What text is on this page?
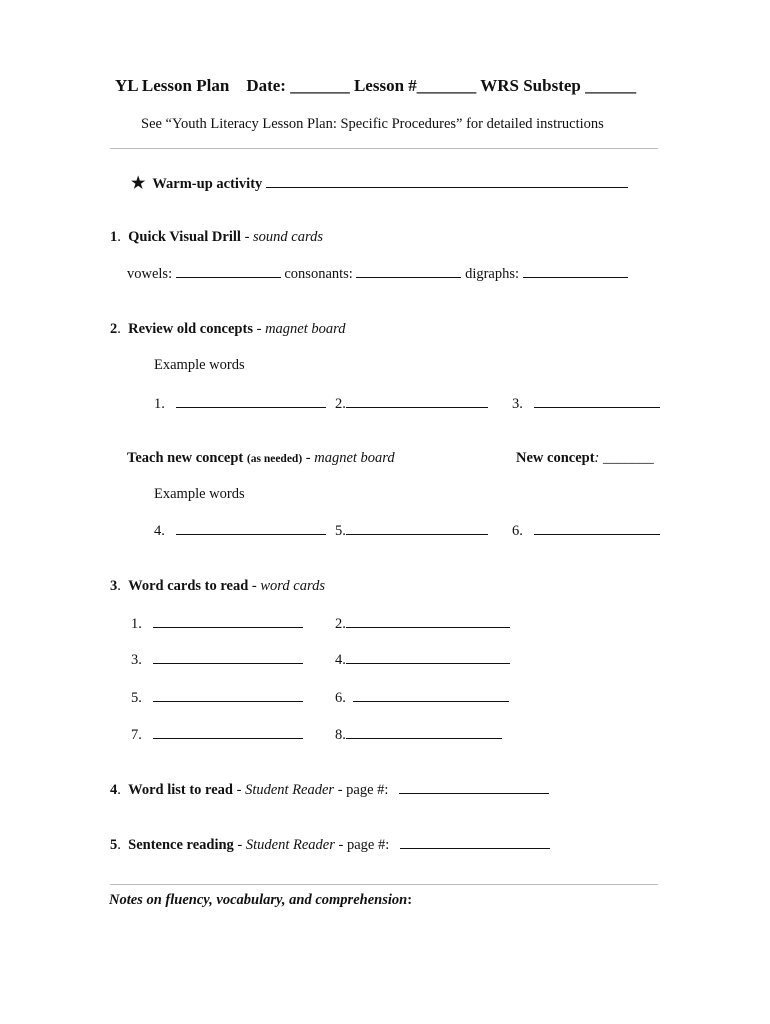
YL Lesson Plan Date: _______ Lesson #_______ WRS Substep ______
See “Youth Literacy Lesson Plan: Specific Procedures” for detailed instructions
★ Warm-up activity
1.  Quick Visual Drill - sound cards
vowels:	consonants:	digraphs:
2.  Review old concepts - magnet board
Example words
1.	2.	3.
Teach new concept (as needed) - magnet board	New concept: _______
Example words
4.	5.	6.
3.  Word cards to read - word cards
1.	2.
3.	4.
5.	6.
7.	8.
4.  Word list to read - Student Reader - page #:
5.  Sentence reading - Student Reader - page #:
Notes on fluency, vocabulary, and comprehension:
